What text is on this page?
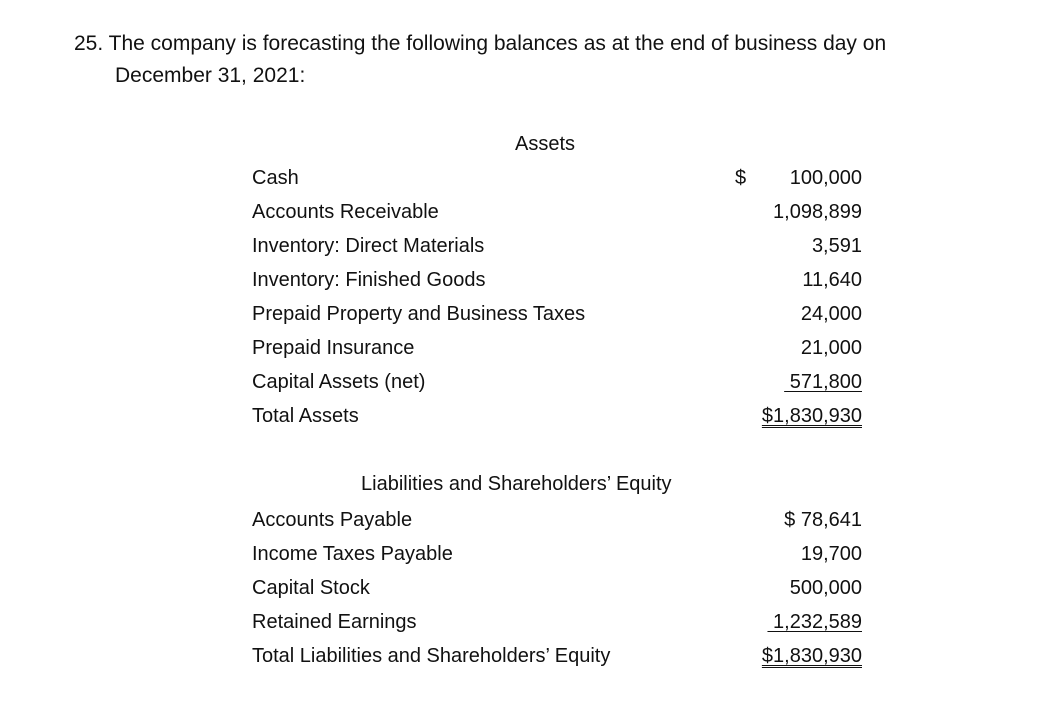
25. The company is forecasting the following balances as at the end of business day on
December 31, 2021:
Assets
Cash	$ 100,000
Accounts Receivable	1,098,899
Inventory: Direct Materials	3,591
Inventory: Finished Goods	11,640
Prepaid Property and Business Taxes	24,000
Prepaid Insurance	21,000
Capital Assets (net)	571,800
Total Assets	$1,830,930
Liabilities and Shareholders’ Equity
Accounts Payable	$ 78,641
Income Taxes Payable	19,700
Capital Stock	500,000
Retained Earnings	1,232,589
Total Liabilities and Shareholders’ Equity	$1,830,930
